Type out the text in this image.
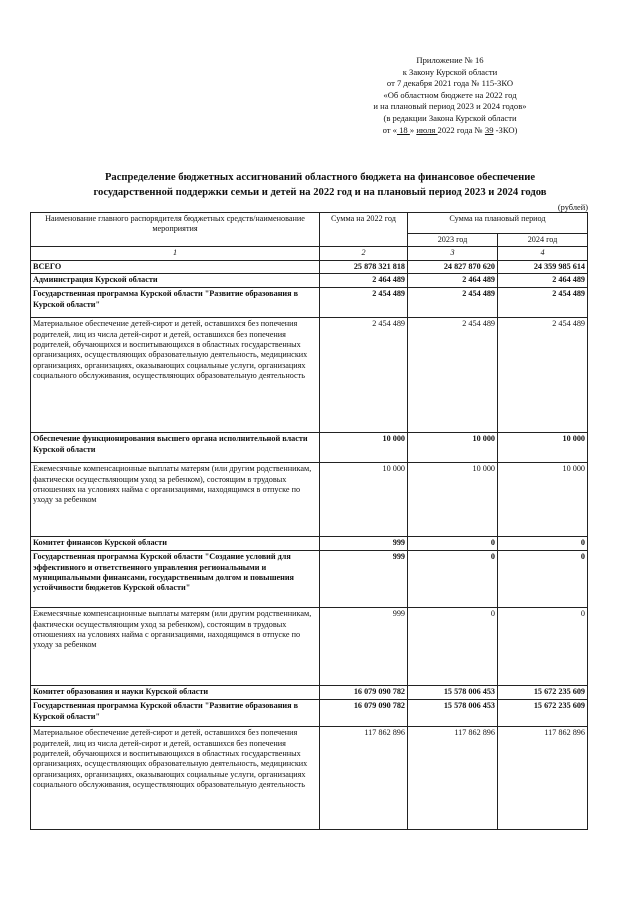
Приложение № 16
к Закону Курской области
от 7 декабря 2021 года № 115-ЗКО
«Об областном бюджете на 2022 год
и на плановый период 2023 и 2024 годов»
(в редакции Закона Курской области
от « 18 » июля 2022 года № 39 -ЗКО)
Распределение бюджетных ассигнований областного бюджета на финансовое обеспечение
государственной поддержки семьи и детей на 2022 год и на плановый период 2023 и 2024 годов
(рублей)
Наименование главного распорядителя бюджетных средств/наименование мероприятия	Сумма на 2022 год	Сумма на плановый период	
		2023 год	2024 год
1	2	3	4
ВСЕГО	25 878 321 818	24 827 870 620	24 359 985 614
Администрация Курской области	2 464 489	2 464 489	2 464 489
Государственная программа Курской области "Развитие образования в Курской области"	2 454 489	2 454 489	2 454 489
Материальное обеспечение детей-сирот и детей, оставшихся без попечения родителей, лиц из числа детей-сирот и детей, оставшихся без попечения родителей, обучающихся и воспитывающихся в областных государственных организациях, осуществляющих образовательную деятельность, медицинских организациях, организациях, оказывающих социальные услуги, организациях социального обслуживания, осуществляющих образовательную деятельность	2 454 489	2 454 489	2 454 489
Обеспечение функционирования высшего органа исполнительной власти Курской области	10 000	10 000	10 000
Ежемесячные компенсационные выплаты матерям (или другим родственникам, фактически осуществляющим уход за ребенком), состоящим в трудовых отношениях на условиях найма с организациями, находящимся в отпуске по уходу за ребенком	10 000	10 000	10 000
Комитет финансов Курской области	999	0	0
Государственная программа Курской области "Создание условий для эффективного и ответственного управления региональными и муниципальными финансами, государственным долгом и повышения устойчивости бюджетов Курской области"	999	0	0
Ежемесячные компенсационные выплаты матерям (или другим родственникам, фактически осуществляющим уход за ребенком), состоящим в трудовых отношениях на условиях найма с организациями, находящимся в отпуске по уходу за ребенком	999	0	0
Комитет образования и науки Курской области	16 079 090 782	15 578 006 453	15 672 235 609
Государственная программа Курской области "Развитие образования в Курской области"	16 079 090 782	15 578 006 453	15 672 235 609
Материальное обеспечение детей-сирот и детей, оставшихся без попечения родителей, лиц из числа детей-сирот и детей, оставшихся без попечения родителей, обучающихся и воспитывающихся в областных государственных организациях, осуществляющих образовательную деятельность, медицинских организациях, организациях, оказывающих социальные услуги, организациях социального обслуживания, осуществляющих образовательную деятельность	117 862 896	117 862 896	117 862 896
